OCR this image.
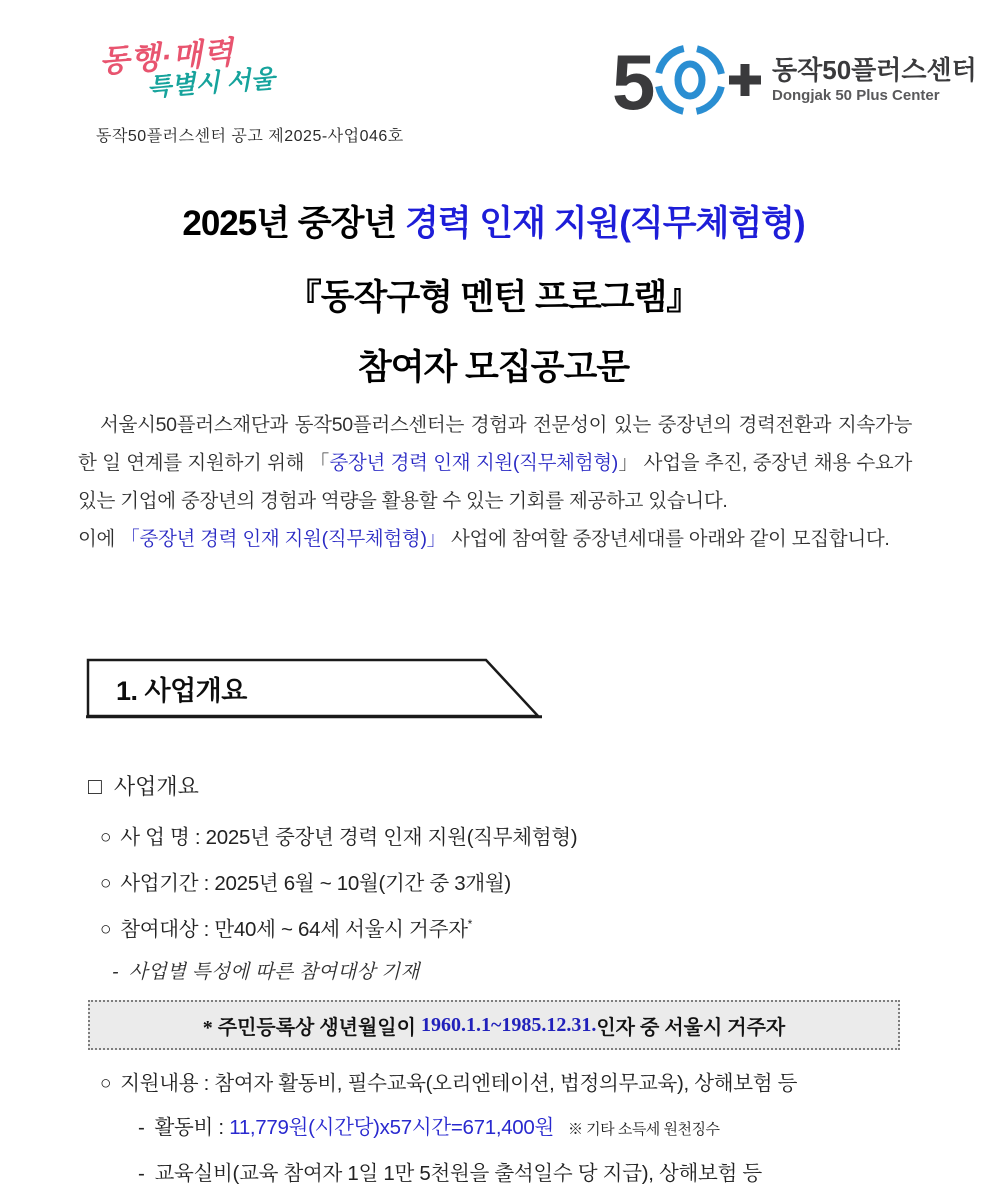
동행·매력
특별시 서울
동작50플러스센터 공고 제2025-사업046호
5	동작50플러스센터
Dongjak 50 Plus Center
2025년 중장년 경력 인재 지원(직무체험형)
『동작구형 멘턴 프로그램』
참여자 모집공고문

서울시50플러스재단과 동작50플러스센터는 경험과 전문성이 있는 중장년의 경력전환과 지속가능한 일 연계를 지원하기 위해 「중장년 경력 인재 지원(직무체험형)」 사업을 추진, 중장년 채용 수요가 있는 기업에 중장년의 경험과 역량을 활용할 수 있는 기회를 제공하고 있습니다.

이에 「중장년 경력 인재 지원(직무체험형)」 사업에 참여할 중장년세대를 아래와 같이 모집합니다.

1. 사업개요
□ 사업개요
○ 사 업 명 : 2025년 중장년 경력 인재 지원(직무체험형)
○ 사업기간 : 2025년 6월 ~ 10월(기간 중 3개월)
○ 참여대상 : 만40세 ~ 64세 서울시 거주자*
- 사업별 특성에 따른 참여대상 기재
* 주민등록상 생년월일이 1960.1.1~1985.12.31. 인자 중 서울시 거주자
○ 지원내용 : 참여자 활동비, 필수교육(오리엔테이션, 법정의무교육), 상해보험 등
- 활동비 : 11,779원(시간당)x57시간=671,400원 ※ 기타 소득세 원천징수
- 교육실비(교육 참여자 1일 1만 5천원을 출석일수 당 지급), 상해보험 등
